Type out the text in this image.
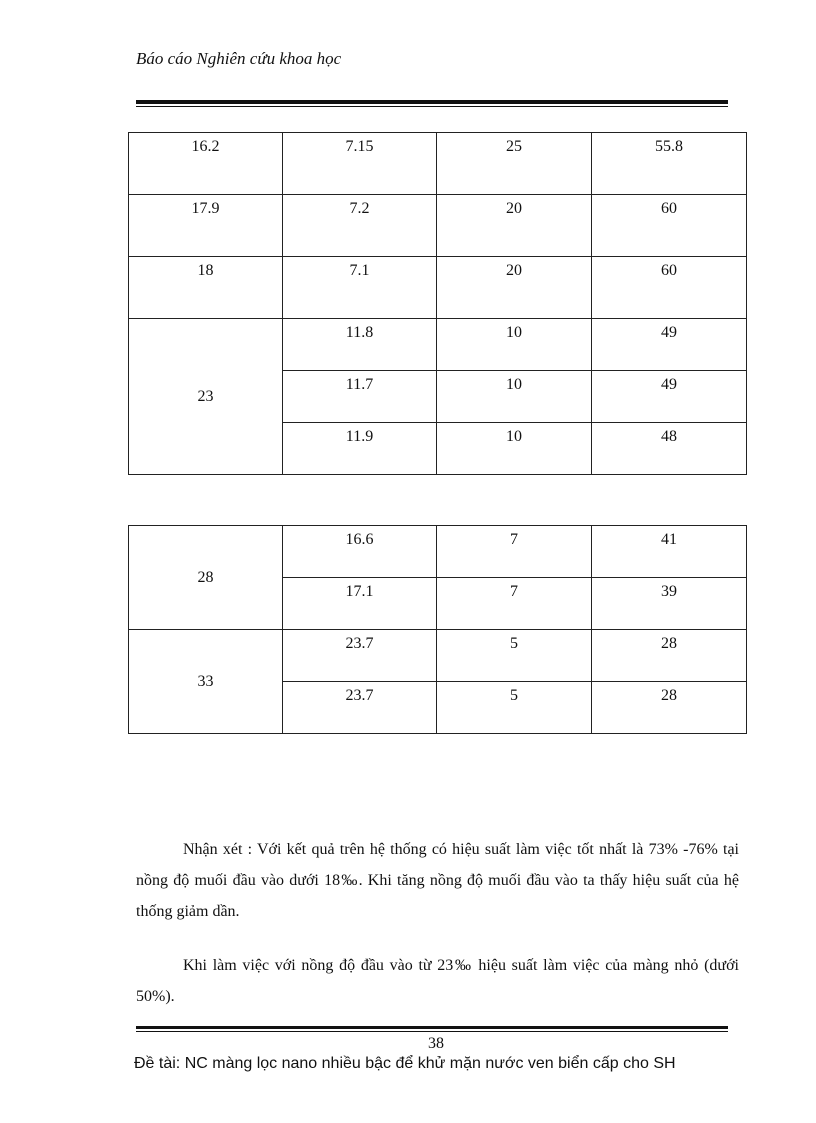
Báo cáo Nghiên cứu khoa học
16.2	7.15	25	55.8
17.9	7.2	20	60
18	7.1	20	60
23	11.8	10	49
	11.7	10	49
	11.9	10	48
28	16.6	7	41
	17.1	7	39
33	23.7	5	28
	23.7	5	28

Nhận xét : Với kết quả trên hệ thống có hiệu suất làm việc tốt nhất là 73% -76% tại nồng độ muối đầu vào dưới 18‰. Khi tăng nồng độ muối đầu vào ta thấy hiệu suất của hệ thống giảm dần.

Khi làm việc với nồng độ đầu vào từ 23‰ hiệu suất làm việc của màng nhỏ (dưới 50%).

38
Đề tài: NC màng lọc nano nhiều bậc để khử mặn nước ven biển cấp cho SH
